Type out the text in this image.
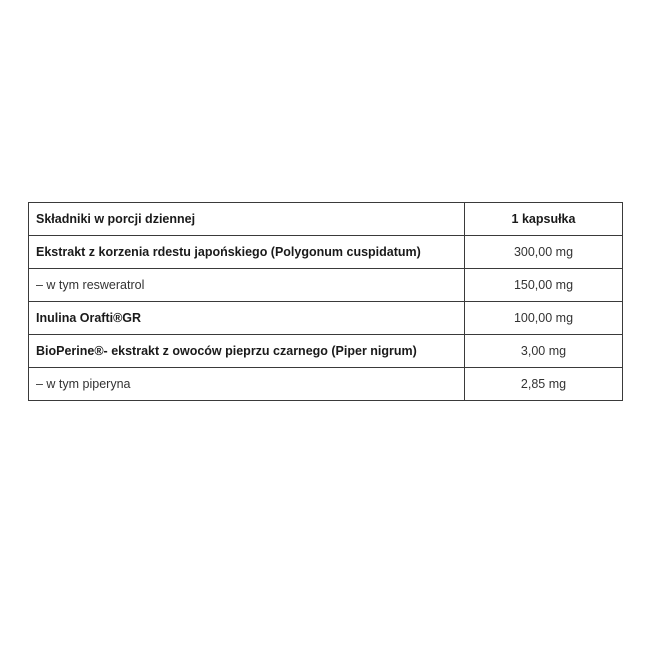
Składniki w porcji dziennej	1 kapsułka
Ekstrakt z korzenia rdestu japońskiego (Polygonum cuspidatum)	300,00 mg
– w tym resweratrol	150,00 mg
Inulina Orafti®GR	100,00 mg
BioPerine®- ekstrakt z owoców pieprzu czarnego (Piper nigrum)	3,00 mg
– w tym piperyna	2,85 mg
